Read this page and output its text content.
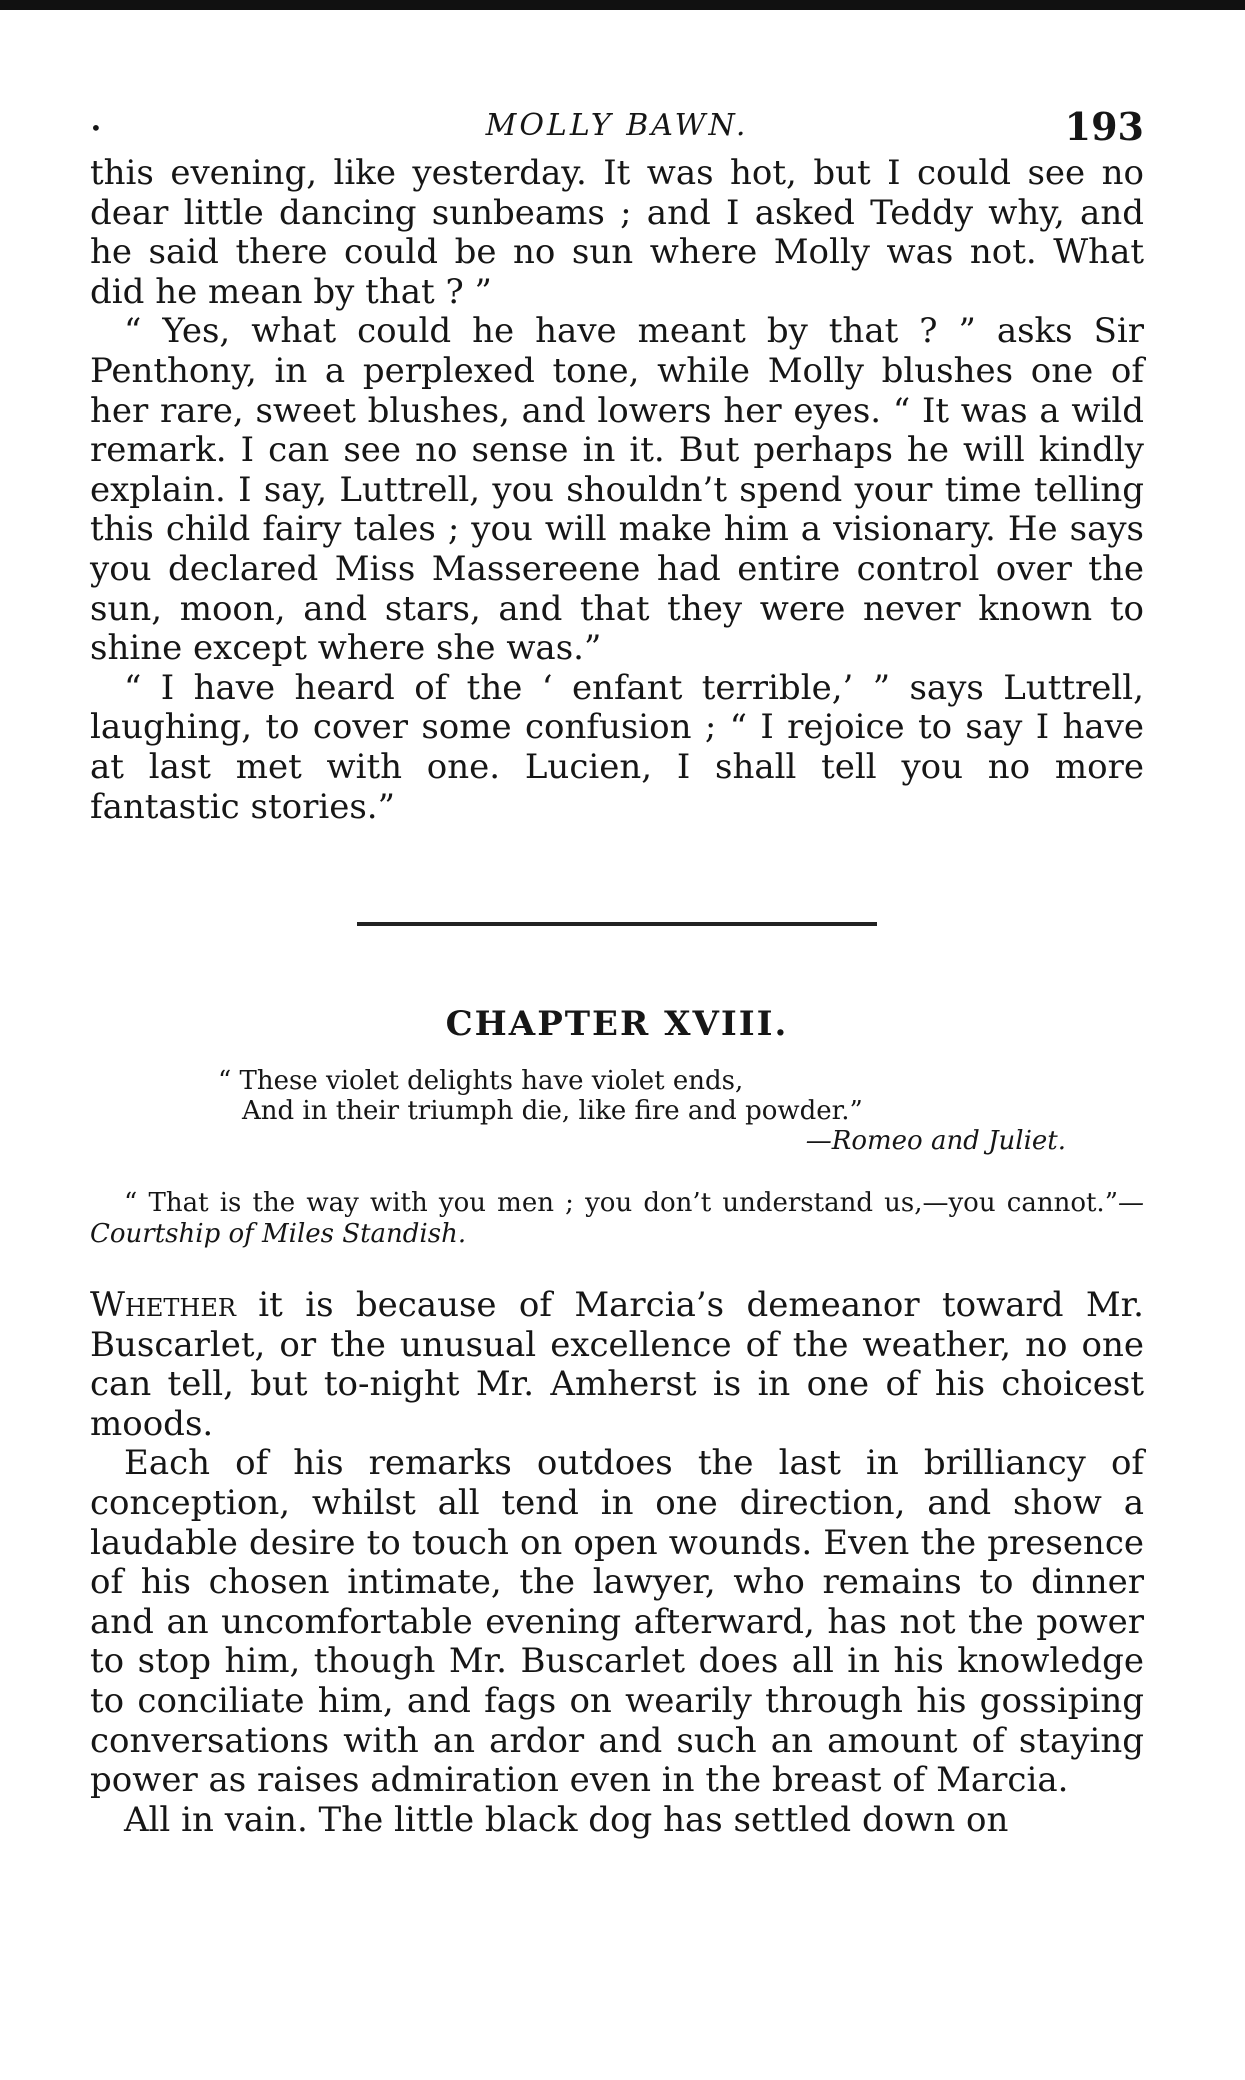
•	MOLLY BAWN.	193

this evening, like yesterday. It was hot, but I could see no dear little dancing sunbeams ; and I asked Teddy why, and he said there could be no sun where Molly was not. What did he mean by that ? ”

“ Yes, what could he have meant by that ? ” asks Sir Penthony, in a perplexed tone, while Molly blushes one of her rare, sweet blushes, and lowers her eyes. “ It was a wild remark. I can see no sense in it. But perhaps he will kindly explain. I say, Luttrell, you shouldn’t spend your time telling this child fairy tales ; you will make him a visionary. He says you declared Miss Massereene had entire control over the sun, moon, and stars, and that they were never known to shine except where she was.”

“ I have heard of the ‘ enfant terrible,’ ” says Luttrell, laughing, to cover some confusion ; “ I rejoice to say I have at last met with one. Lucien, I shall tell you no more fantastic stories.”

CHAPTER XVIII.
“ These violet delights have violet ends,
And in their triumph die, like fire and powder.”
—Romeo and Juliet.

“ That is the way with you men ; you don’t understand us,—you cannot.”—Courtship of Miles Standish.

Whether it is because of Marcia’s demeanor toward Mr. Buscarlet, or the unusual excellence of the weather, no one can tell, but to-night Mr. Amherst is in one of his choicest moods.

Each of his remarks outdoes the last in brilliancy of conception, whilst all tend in one direction, and show a laudable desire to touch on open wounds. Even the presence of his chosen intimate, the lawyer, who remains to dinner and an uncomfortable evening afterward, has not the power to stop him, though Mr. Buscarlet does all in his knowledge to conciliate him, and fags on wearily through his gossiping conversations with an ardor and such an amount of staying power as raises admiration even in the breast of Marcia.

All in vain. The little black dog has settled down on
